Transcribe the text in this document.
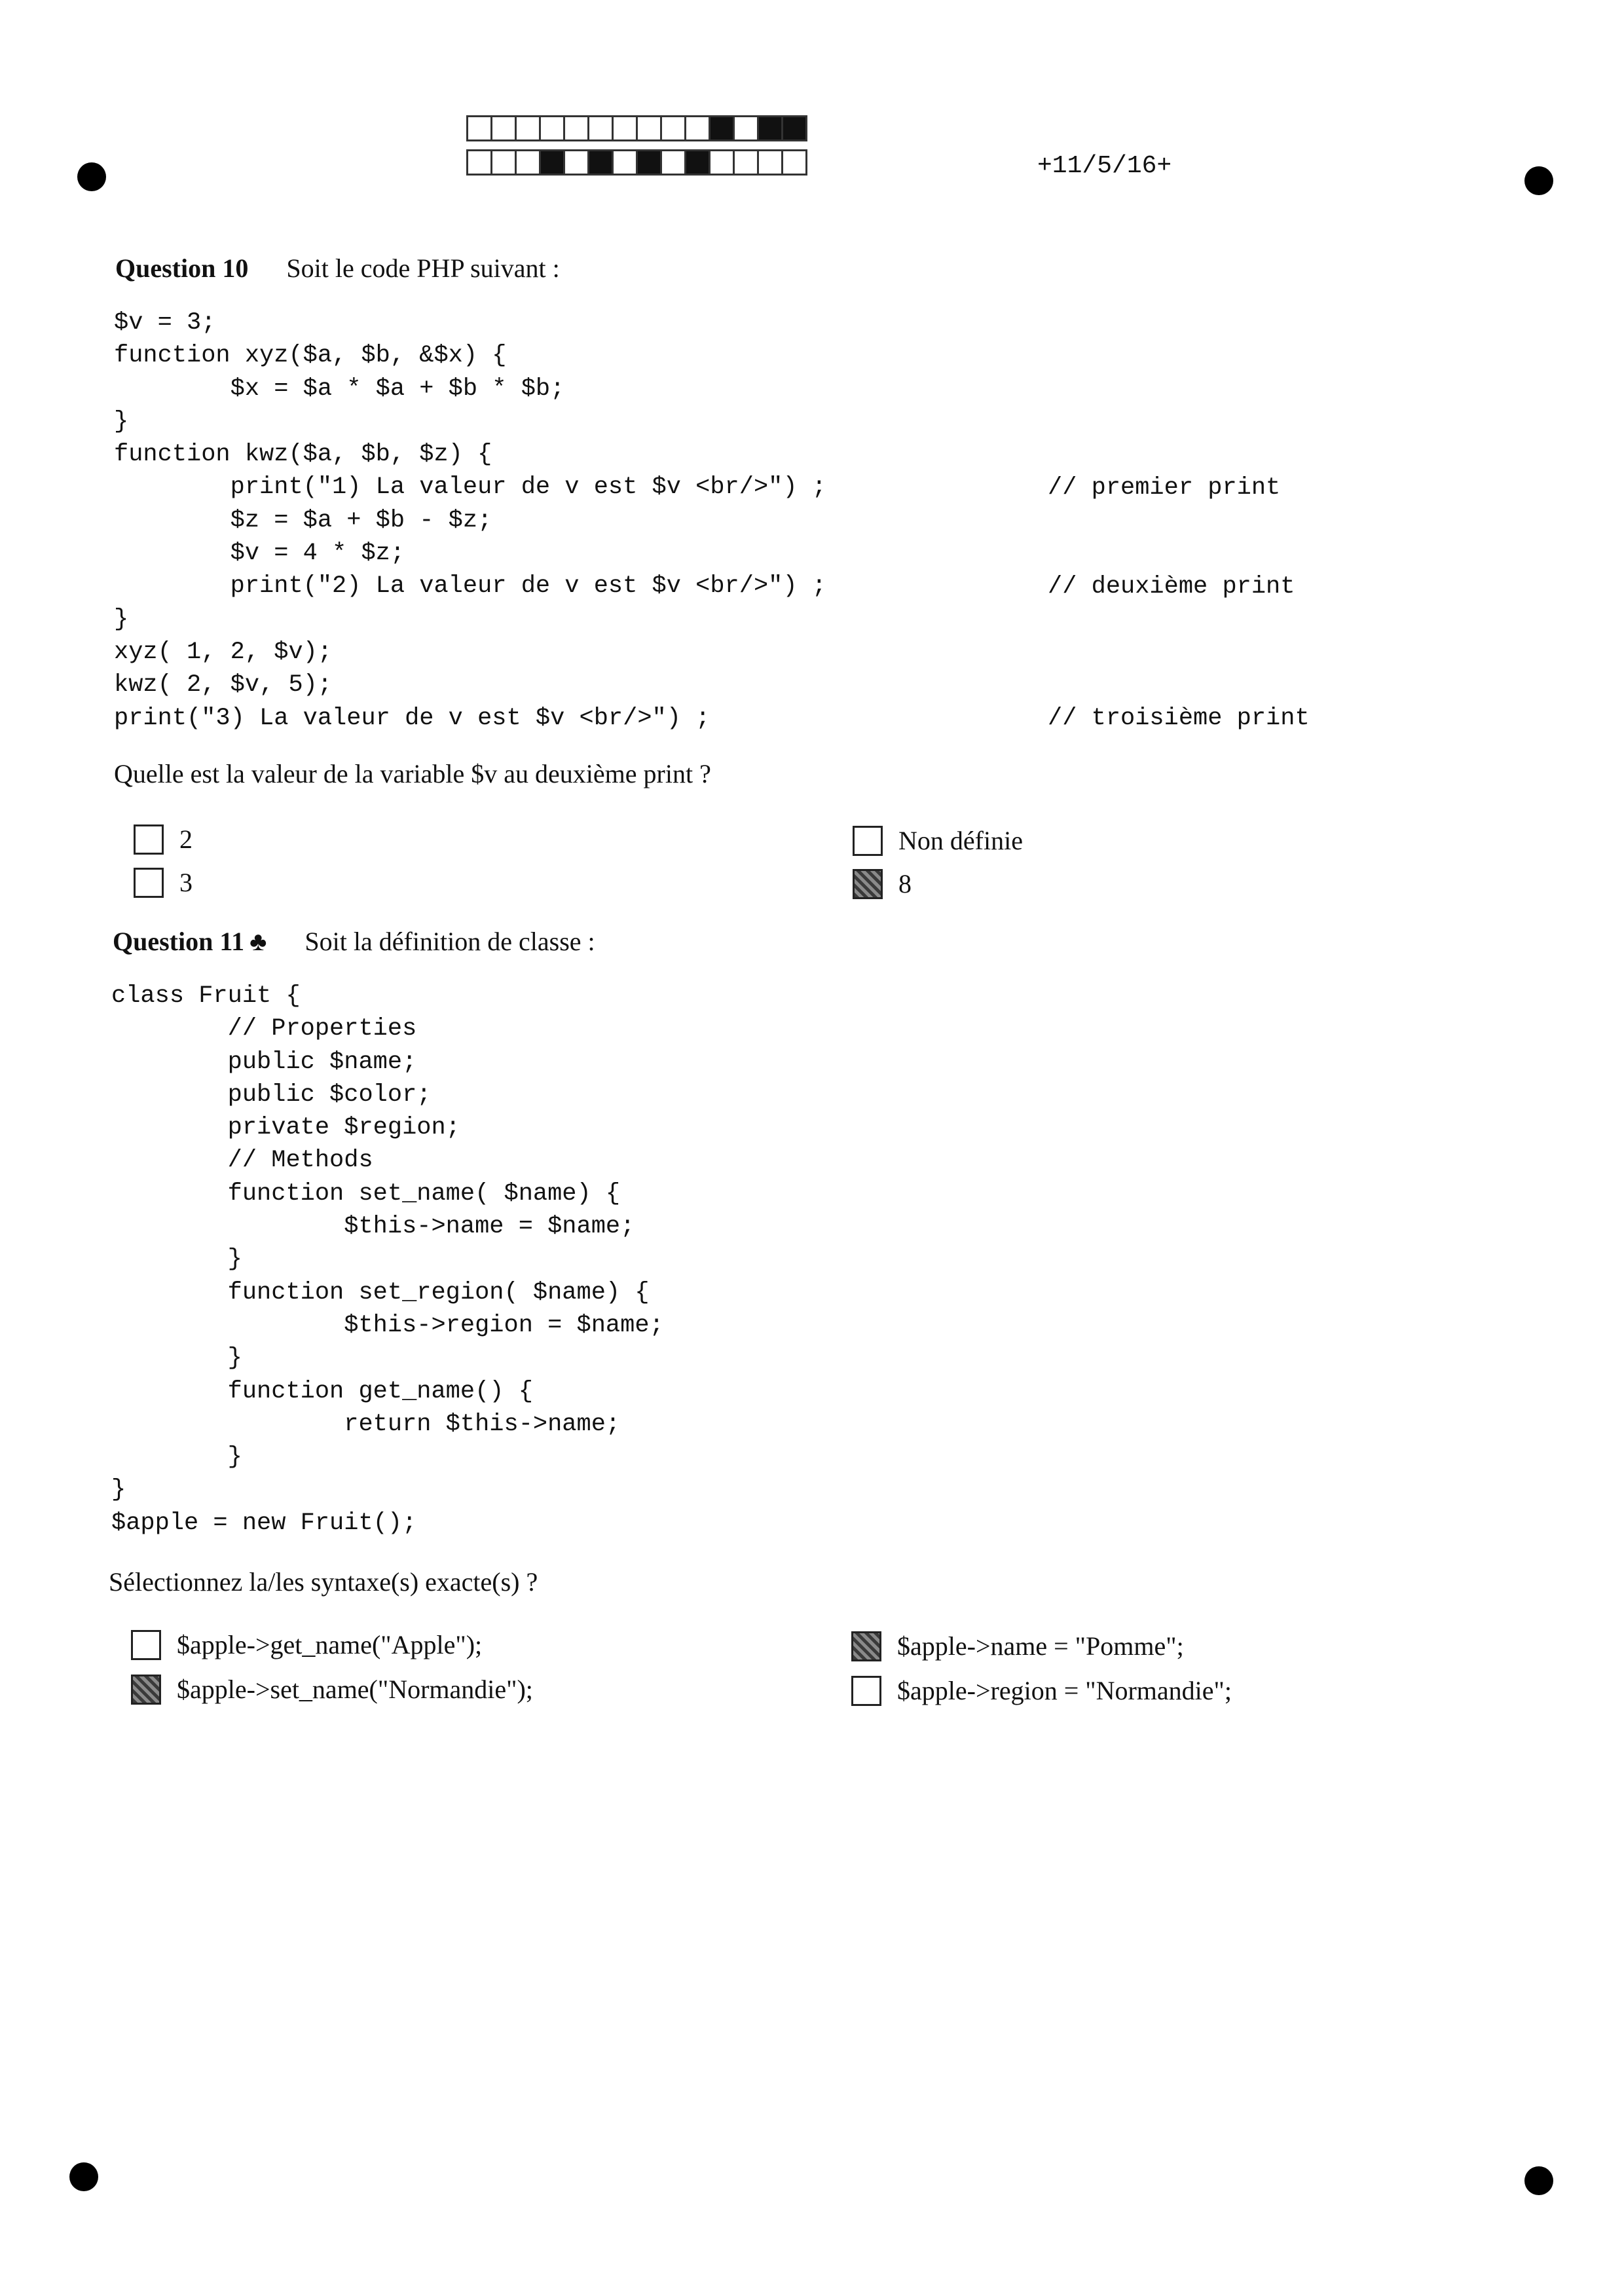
+11/5/16+
Question 10 Soit le code PHP suivant :
$v = 3;
function xyz($a, $b, &$x) {
$x = $a * $a + $b * $b;
}
function kwz($a, $b, $z) {
print("1) La valeur de v est $v <br/>") ;
$z = $a + $b - $z;
$v = 4 * $z;
print("2) La valeur de v est $v <br/>") ;
}
xyz( 1, 2, $v);
kwz( 2, $v, 5);
print("3) La valeur de v est $v <br/>") ;
// premier print
// deuxième print
// troisième print
Quelle est la valeur de la variable $v au deuxième print ?
2
3
Non définie
8
Question 11 ♣ Soit la définition de classe :
class Fruit {
// Properties
public $name;
public $color;
private $region;
// Methods
function set_name( $name) {
$this->name = $name;
}
function set_region( $name) {
$this->region = $name;
}
function get_name() {
return $this->name;
}
}
$apple = new Fruit();
Sélectionnez la/les syntaxe(s) exacte(s) ?
$apple->get_name("Apple");
$apple->set_name("Normandie");
$apple->name = "Pomme";
$apple->region = "Normandie";
